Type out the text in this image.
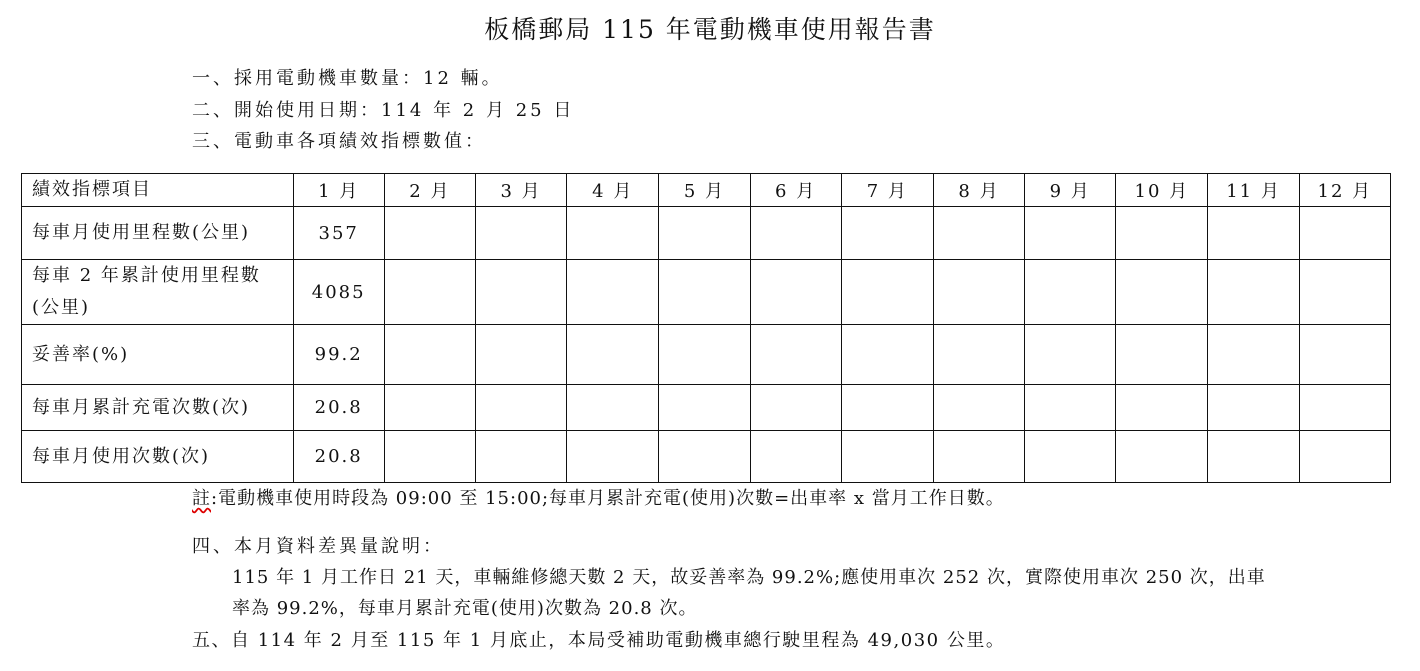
板橋郵局 115 年電動機車使用報告書
一、採用電動機車數量：12 輛。
二、開始使用日期：114 年 2 月 25 日
三、電動車各項績效指標數值：
績效指標項目	1 月	2 月	3 月	4 月	5 月	6 月	7 月	8 月	9 月	10 月	11 月	12 月
每車月使用里程數(公里)	357											

每車 2 年累計使用里程數
(公里)	4085											
妥善率(%)	99.2											
每車月累計充電次數(次)	20.8											
每車月使用次數(次)	20.8											
註:電動機車使用時段為 09:00 至 15:00;每車月累計充電(使用)次數=出車率 x 當月工作日數。
四、本月資料差異量說明：
115 年 1 月工作日 21 天，車輛維修總天數 2 天，故妥善率為 99.2%;應使用車次 252 次，實際使用車次 250 次，出車
率為 99.2%，每車月累計充電(使用)次數為 20.8 次。
五、自 114 年 2 月至 115 年 1 月底止，本局受補助電動機車總行駛里程為 49,030 公里。
